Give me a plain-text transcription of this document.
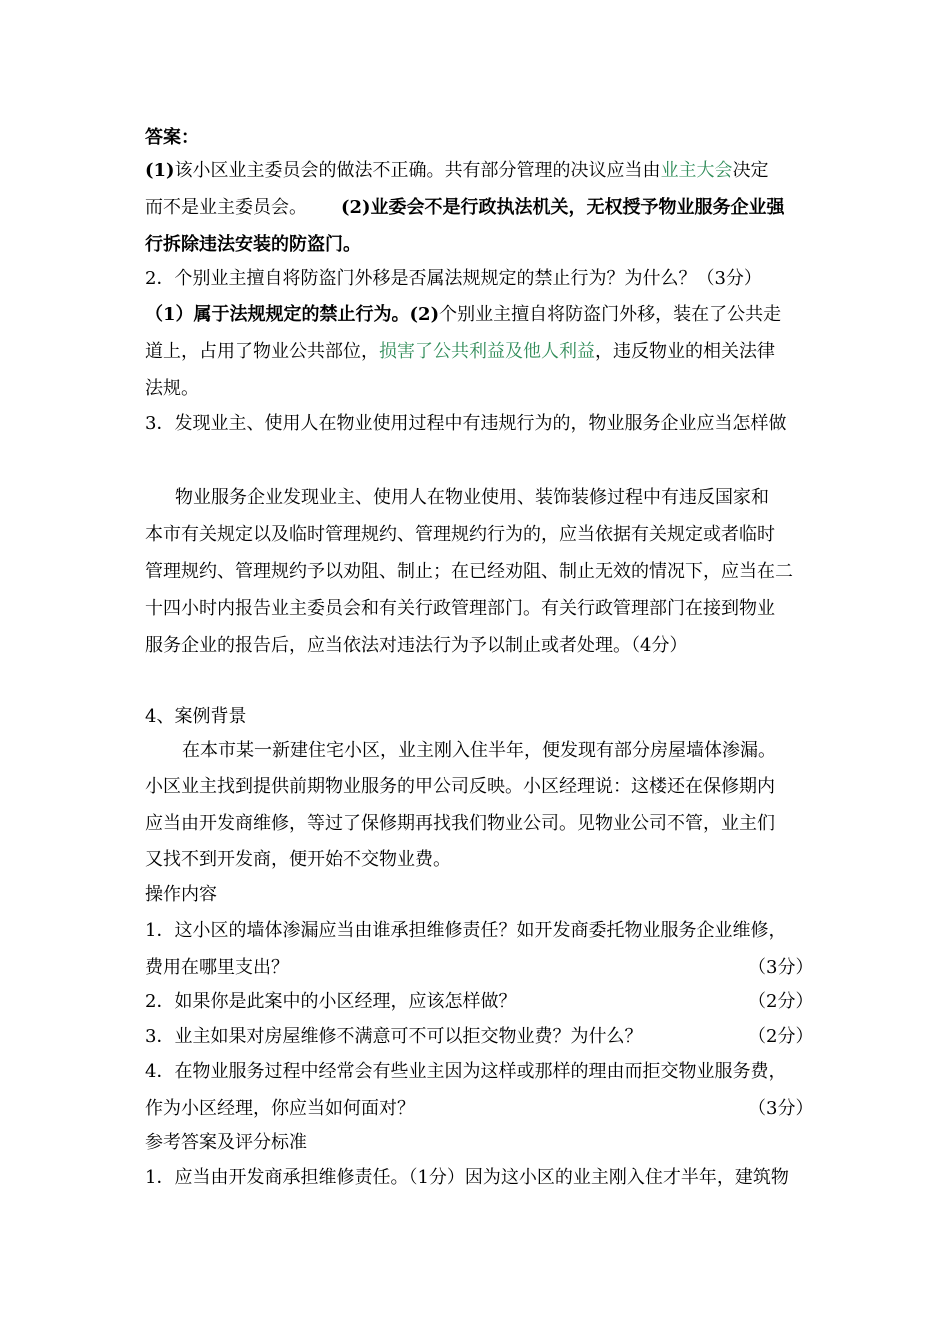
答案：

(1)该小区业主委员会的做法不正确。共有部分管理的决议应当由业主大会决定

而不是业主委员会。 (2)业委会不是行政执法机关，无权授予物业服务企业强

行拆除违法安装的防盗门。

2．个别业主擅自将防盗门外移是否属法规规定的禁止行为？为什么？（3分）

（1）属于法规规定的禁止行为。(2)个别业主擅自将防盗门外移，装在了公共走

道上，占用了物业公共部位，损害了公共利益及他人利益，违反物业的相关法律

法规。

3．发现业主、使用人在物业使用过程中有违规行为的，物业服务企业应当怎样做

物业服务企业发现业主、使用人在物业使用、装饰装修过程中有违反国家和

本市有关规定以及临时管理规约、管理规约行为的，应当依据有关规定或者临时

管理规约、管理规约予以劝阻、制止；在已经劝阻、制止无效的情况下，应当在二

十四小时内报告业主委员会和有关行政管理部门。有关行政管理部门在接到物业

服务企业的报告后，应当依法对违法行为予以制止或者处理。（4分）

4、案例背景

在本市某一新建住宅小区，业主刚入住半年，便发现有部分房屋墙体渗漏。

小区业主找到提供前期物业服务的甲公司反映。小区经理说：这楼还在保修期内

应当由开发商维修，等过了保修期再找我们物业公司。见物业公司不管，业主们

又找不到开发商，便开始不交物业费。

操作内容

1．这小区的墙体渗漏应当由谁承担维修责任？如开发商委托物业服务企业维修，

费用在哪里支出？	（3分）

2．如果你是此案中的小区经理，应该怎样做？	（2分）

3．业主如果对房屋维修不满意可不可以拒交物业费？为什么？	（2分）

4．在物业服务过程中经常会有些业主因为这样或那样的理由而拒交物业服务费，

作为小区经理，你应当如何面对？	（3分）

参考答案及评分标准

1．应当由开发商承担维修责任。（1分）因为这小区的业主刚入住才半年，建筑物
